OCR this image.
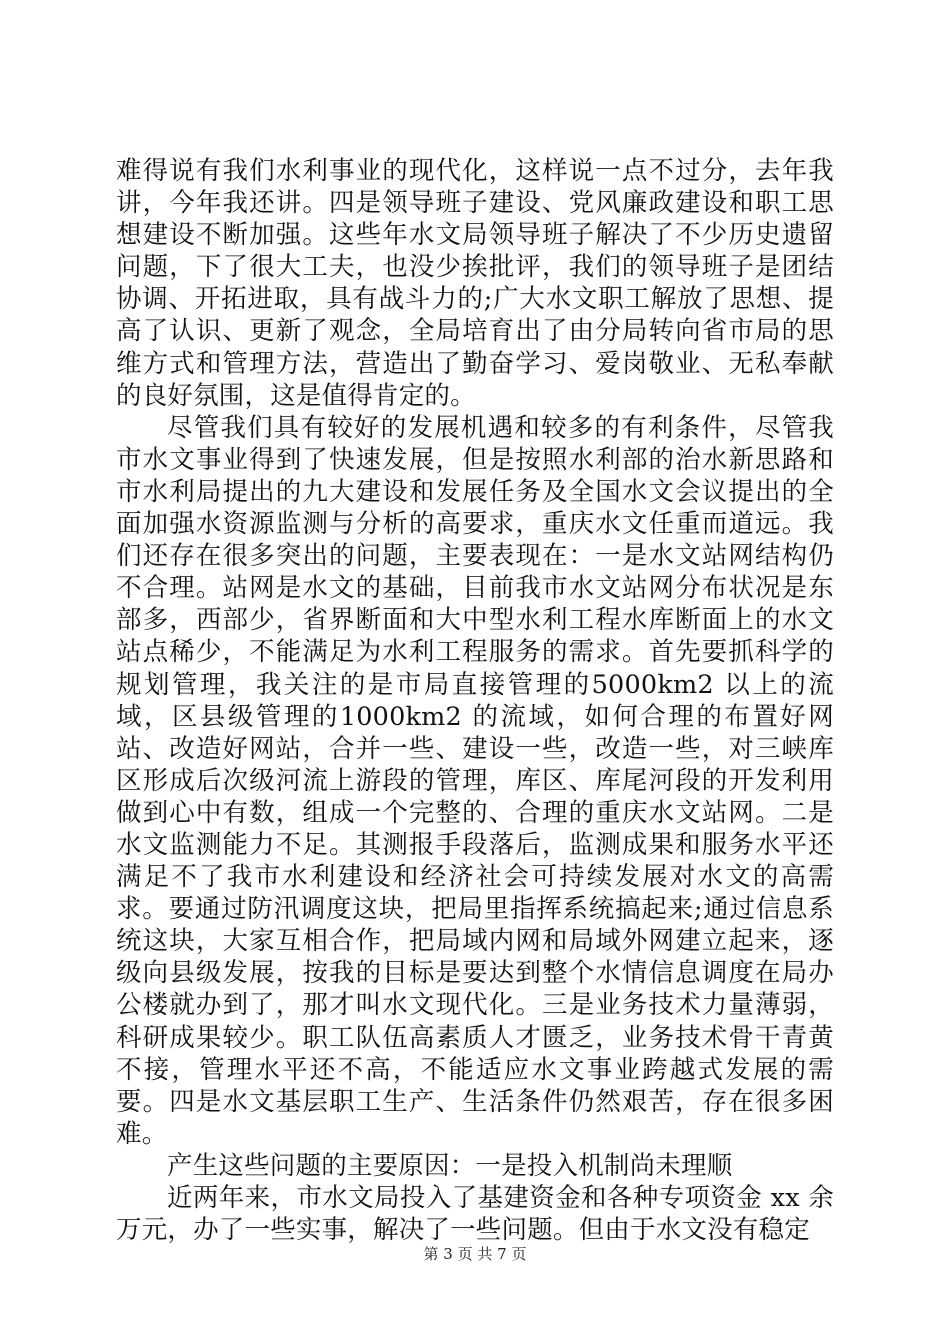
难得说有我们水利事业的现代化，这样说一点不过分，去年我讲，今年我还讲。四是领导班子建设、党风廉政建设和职工思想建设不断加强。这些年水文局领导班子解决了不少历史遗留问题，下了很大工夫，也没少挨批评，我们的领导班子是团结协调、开拓进取，具有战斗力的;广大水文职工解放了思想、提高了认识、更新了观念，全局培育出了由分局转向省市局的思维方式和管理方法，营造出了勤奋学习、爱岗敬业、无私奉献的良好氛围，这是值得肯定的。

尽管我们具有较好的发展机遇和较多的有利条件，尽管我市水文事业得到了快速发展，但是按照水利部的治水新思路和市水利局提出的九大建设和发展任务及全国水文会议提出的全面加强水资源监测与分析的高要求，重庆水文任重而道远。我们还存在很多突出的问题，主要表现在：一是水文站网结构仍不合理。站网是水文的基础，目前我市水文站网分布状况是东部多，西部少，省界断面和大中型水利工程水库断面上的水文站点稀少，不能满足为水利工程服务的需求。首先要抓科学的规划管理，我关注的是市局直接管理的5000km2 以上的流域，区县级管理的1000km2 的流域，如何合理的布置好网站、改造好网站，合并一些、建设一些，改造一些，对三峡库区形成后次级河流上游段的管理，库区、库尾河段的开发利用做到心中有数，组成一个完整的、合理的重庆水文站网。二是水文监测能力不足。其测报手段落后，监测成果和服务水平还满足不了我市水利建设和经济社会可持续发展对水文的高需求。要通过防汛调度这块，把局里指挥系统搞起来;通过信息系统这块，大家互相合作，把局域内网和局域外网建立起来，逐级向县级发展，按我的目标是要达到整个水情信息调度在局办公楼就办到了，那才叫水文现代化。三是业务技术力量薄弱，科研成果较少。职工队伍高素质人才匮乏，业务技术骨干青黄不接，管理水平还不高，不能适应水文事业跨越式发展的需要。四是水文基层职工生产、生活条件仍然艰苦，存在很多困难。

产生这些问题的主要原因：一是投入机制尚未理顺

近两年来，市水文局投入了基建资金和各种专项资金 xx 余万元，办了一些实事，解决了一些问题。但由于水文没有稳定

第 3 页 共 7 页
